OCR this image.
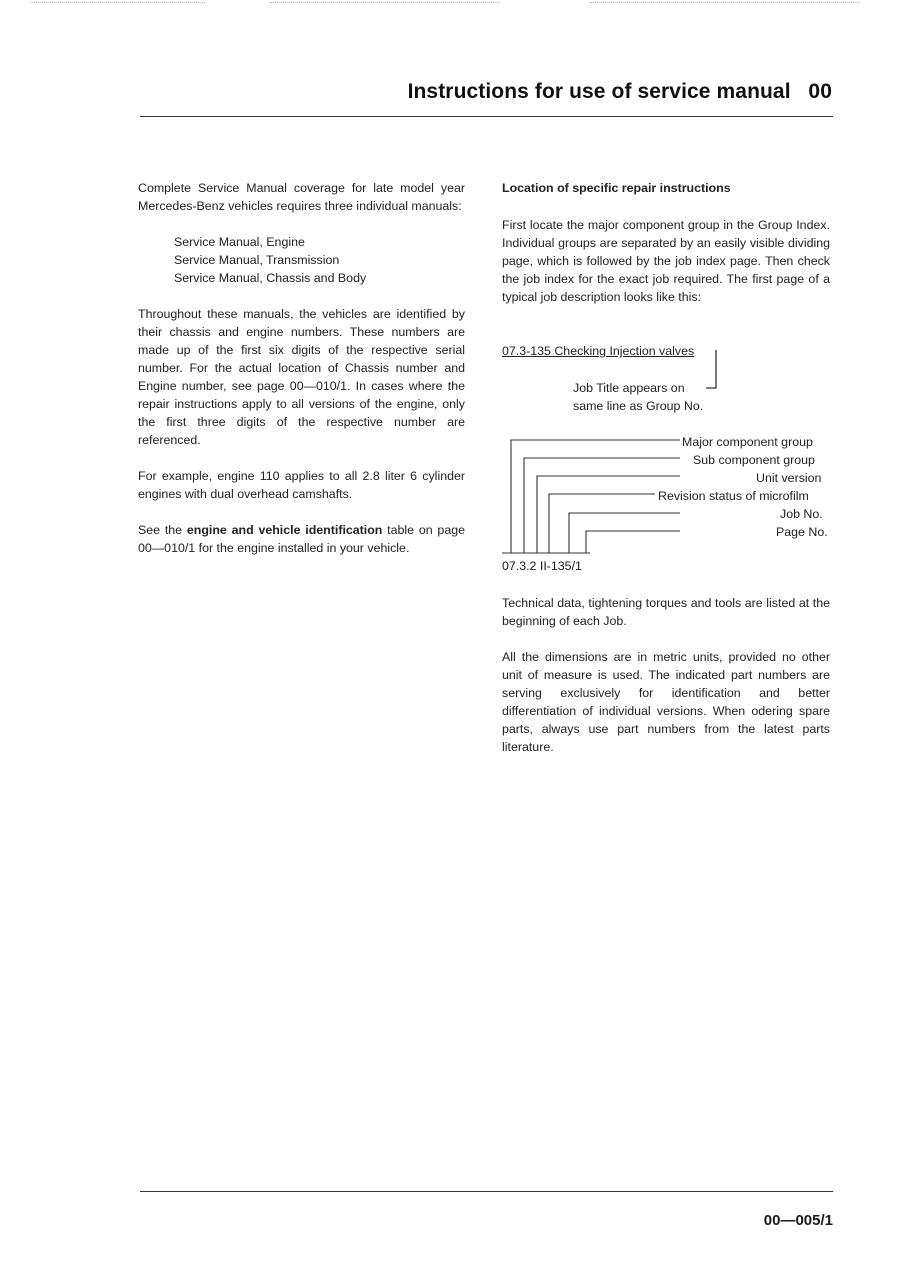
Instructions for use of service manual   00

Complete Service Manual coverage for late model year Mercedes-Benz vehicles requires three individual manuals:

Service Manual, Engine
Service Manual, Transmission
Service Manual, Chassis and Body

Throughout these manuals, the vehicles are identified by their chassis and engine numbers. These numbers are made up of the first six digits of the respective serial number. For the actual location of Chassis number and Engine number, see page 00—010/1. In cases where the repair instructions apply to all versions of the engine, only the first three digits of the respective number are referenced.

For example, engine 110 applies to all 2.8 liter 6 cylinder engines with dual overhead camshafts.

See the engine and vehicle identification table on page 00—010/1 for the engine installed in your vehicle.

Location of specific repair instructions

First locate the major component group in the Group Index. Individual groups are separated by an easily visible dividing page, which is followed by the job index page. Then check the job index for the exact job required. The first page of a typical job description looks like this:

07.3-135 Checking Injection valves
Job Title appears on
same line as Group No.
Major component group
Sub component group
Unit version
Revision status of microfilm
Job No.
Page No.
07.3.2 II-135/1

Technical data, tightening torques and tools are listed at the beginning of each Job.

All the dimensions are in metric units, provided no other unit of measure is used. The indicated part numbers are serving exclusively for identification and better differentiation of individual versions. When odering spare parts, always use part numbers from the latest parts literature.

00—005/1
